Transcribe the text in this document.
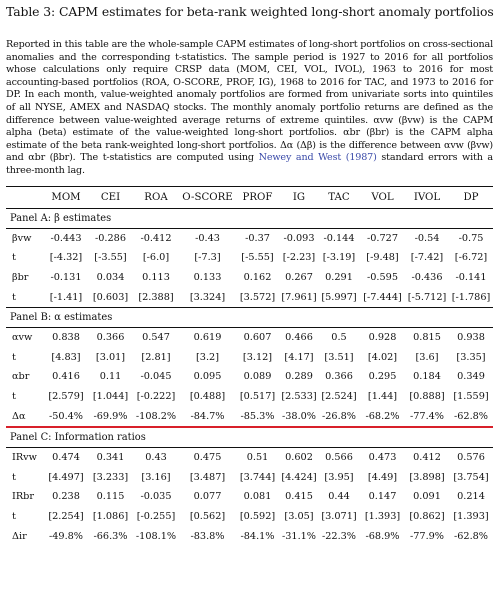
Table 3: CAPM estimates for beta-rank weighted long-short anomaly portfolios
Reported in this table are the whole-sample CAPM estimates of long-short portfolios on cross-sectional anomalies and the corresponding t-statistics. The sample period is 1927 to 2016 for all portfolios whose calculations only require CRSP data (MOM, CEI, VOL, IVOL), 1963 to 2016 for most accounting-based portfolios (ROA, O-SCORE, PROF, IG), 1968 to 2016 for TAC, and 1973 to 2016 for DP. In each month, value-weighted anomaly portfolios are formed from univariate sorts into quintiles of all NYSE, AMEX and NASDAQ stocks. The monthly anomaly portfolio returns are defined as the difference between value-weighted average returns of extreme quintiles. αvw (βvw) is the CAPM alpha (beta) estimate of the value-weighted long-short portfolios. αbr (βbr) is the CAPM alpha estimate of the beta rank-weighted long-short portfolios. Δα (Δβ) is the difference between αvw (βvw) and αbr (βbr). The t-statistics are computed using Newey and West (1987) standard errors with a three-month lag.
	MOM	CEI	ROA	O-SCORE	PROF	IG	TAC	VOL	IVOL	DP
Panel A: β estimates										
βvw	-0.443	-0.286	-0.412	-0.43	-0.37	-0.093	-0.144	-0.727	-0.54	-0.75
t	[-4.32]	[-3.55]	[-6.0]	[-7.3]	[-5.55]	[-2.23]	[-3.19]	[-9.48]	[-7.42]	[-6.72]
βbr	-0.131	0.034	0.113	0.133	0.162	0.267	0.291	-0.595	-0.436	-0.141
t	[-1.41]	[0.603]	[2.388]	[3.324]	[3.572]	[7.961]	[5.997]	[-7.444]	[-5.712]	[-1.786]
Panel B: α estimates										
αvw	0.838	0.366	0.547	0.619	0.607	0.466	0.5	0.928	0.815	0.938
t	[4.83]	[3.01]	[2.81]	[3.2]	[3.12]	[4.17]	[3.51]	[4.02]	[3.6]	[3.35]
αbr	0.416	0.11	-0.045	0.095	0.089	0.289	0.366	0.295	0.184	0.349
t	[2.579]	[1.044]	[-0.222]	[0.488]	[0.517]	[2.533]	[2.524]	[1.44]	[0.888]	[1.559]
Δα	-50.4%	-69.9%	-108.2%	-84.7%	-85.3%	-38.0%	-26.8%	-68.2%	-77.4%	-62.8%
Panel C: Information ratios										
IRvw	0.474	0.341	0.43	0.475	0.51	0.602	0.566	0.473	0.412	0.576
t	[4.497]	[3.233]	[3.16]	[3.487]	[3.744]	[4.424]	[3.95]	[4.49]	[3.898]	[3.754]
IRbr	0.238	0.115	-0.035	0.077	0.081	0.415	0.44	0.147	0.091	0.214
t	[2.254]	[1.086]	[-0.255]	[0.562]	[0.592]	[3.05]	[3.071]	[1.393]	[0.862]	[1.393]
Δir	-49.8%	-66.3%	-108.1%	-83.8%	-84.1%	-31.1%	-22.3%	-68.9%	-77.9%	-62.8%
